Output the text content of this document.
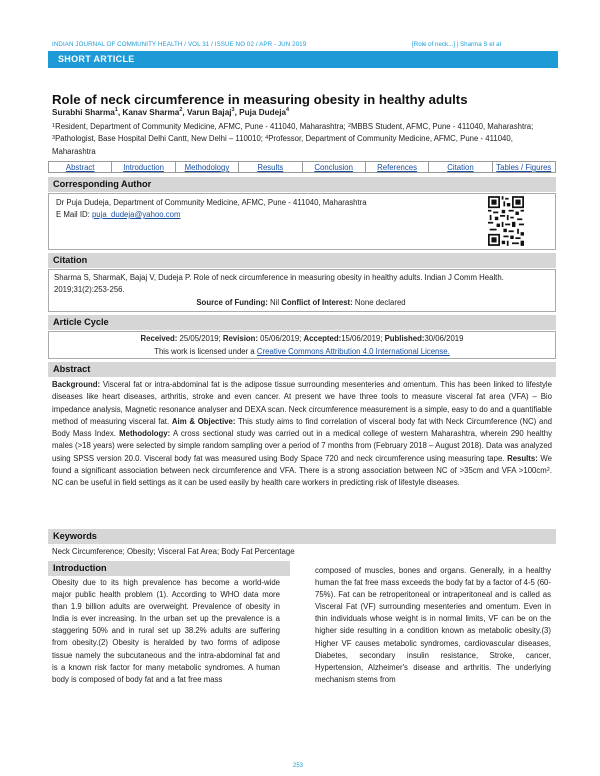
INDIAN JOURNAL OF COMMUNITY HEALTH / VOL 31 / ISSUE NO 02 / APR - JUN 2019	[Role of neck...] | Sharma S et al
SHORT ARTICLE
Role of neck circumference in measuring obesity in healthy adults
Surabhi Sharma$^1$, Kanav Sharma$^2$, Varun Bajaj$^3$, Puja Dudeja$^4$
$^1$Resident, Department of Community Medicine, AFMC, Pune - 411040, Maharashtra; $^2$MBBS Student, AFMC, Pune - 411040, Maharashtra; $^3$Pathologist, Base Hospital Delhi Cantt, New Delhi – 110010; $^4$Professor, Department of Community Medicine, AFMC, Pune - 411040, Maharashtra
Abstract	Introduction	Methodology	Results	Conclusion	References	Citation	Tables / Figures
Corresponding Author
Dr Puja Dudeja, Department of Community Medicine, AFMC, Pune - 411040, Maharashtra
E Mail ID: puja_dudeja@yahoo.com
Citation
Sharma S, SharmaK, Bajaj V, Dudeja P. Role of neck circumference in measuring obesity in healthy adults. Indian J Comm Health. 2019;31(2):253-256.
Source of Funding: Nil Conflict of Interest: None declared
Article Cycle
Received: 25/05/2019; Revision: 05/06/2019; Accepted:15/06/2019; Published:30/06/2019
This work is licensed under a Creative Commons Attribution 4.0 International License.
Abstract
Background: Visceral fat or intra-abdominal fat is the adipose tissue surrounding mesenteries and omentum. This has been linked to lifestyle diseases like heart diseases, arthritis, stroke and even cancer. At present we have three tools to measure visceral fat area (VFA) – Bio impedance analysis, Magnetic resonance analyser and DEXA scan. Neck circumference measurement is a simple, easy to do and a quantifiable method of measuring visceral fat. Aim & Objective: This study aims to find correlation of visceral body fat with Neck Circumference (NC) and Body Mass Index. Methodology: A cross sectional study was carried out in a medical college of western Maharashtra, wherein 290 healthy males (>18 years) were selected by simple random sampling over a period of 7 months from (February 2018 – August 2018). Data was analyzed using SPSS version 20.0. Visceral body fat was measured using Body Space 720 and neck circumference using measuring tape. Results: We found a significant association between neck circumference and VFA. There is a strong association between NC of >35cm and VFA $>100cm^2$. NC can be useful in field settings as it can be used easily by health care workers in predicting risk of lifestyle diseases.
Keywords
Neck Circumference; Obesity; Visceral Fat Area; Body Fat Percentage
Introduction
Obesity due to its high prevalence has become a world-wide major public health problem (1). According to WHO data more than 1.9 billion adults are overweight. Prevalence of obesity in India is ever increasing. In the urban set up the prevalence is a staggering 50% and in rural set up 38.2% adults are suffering from obesity.(2) Obesity is heralded by two forms of adipose tissue namely the subcutaneous and the intra-abdominal fat and is a known risk factor for many metabolic syndromes. A human body is composed of body fat and a fat free mass
composed of muscles, bones and organs. Generally, in a healthy human the fat free mass exceeds the body fat by a factor of 4-5 (60- 75%). Fat can be retroperitoneal or intraperitoneal and is called as Visceral Fat (VF) surrounding mesenteries and omentum. Even in thin individuals whose weight is in normal limits, VF can be on the higher side resulting in a condition known as metabolic obesity.(3) Higher VF causes metabolic syndromes, cardiovascular diseases, Diabetes, secondary insulin resistance, Stroke, cancer, Hypertension, Alzheimer's disease and arthritis. The underlying mechanism stems from
253
